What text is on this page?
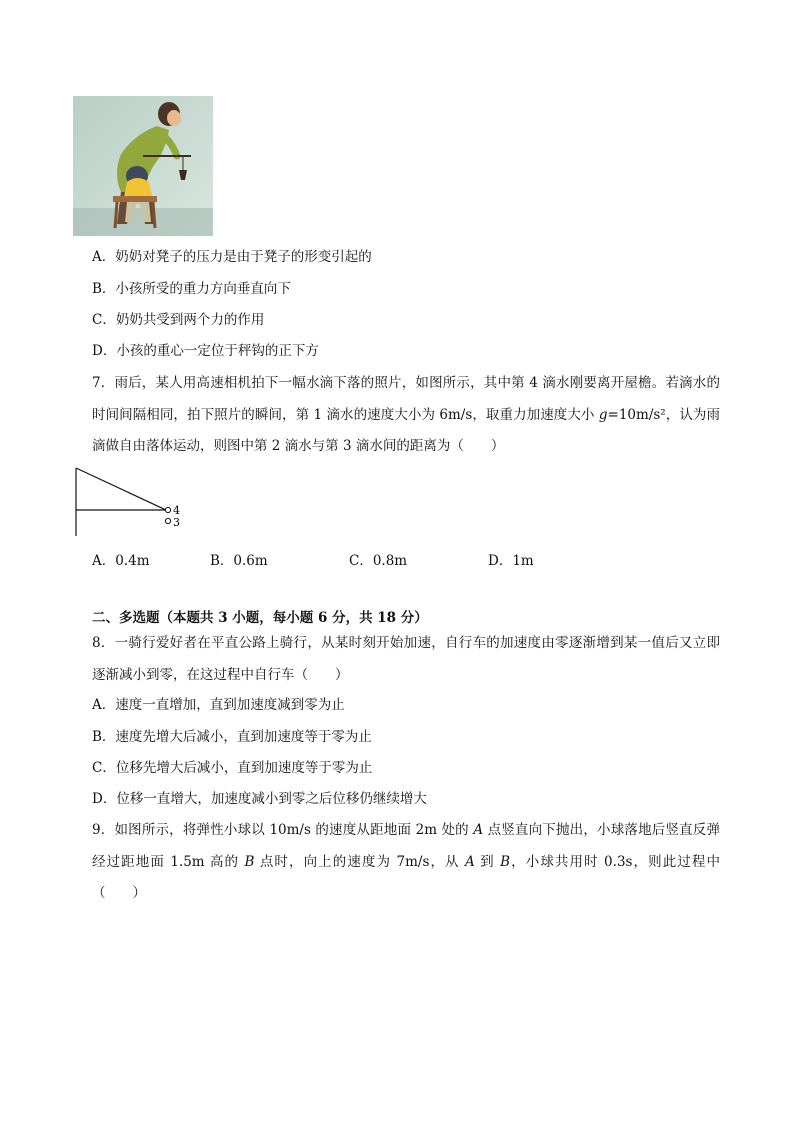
A．奶奶对凳子的压力是由于凳子的形变引起的
B．小孩所受的重力方向垂直向下
C．奶奶共受到两个力的作用
D．小孩的重心一定位于秤钩的正下方
7．雨后，某人用高速相机拍下一幅水滴下落的照片，如图所示，其中第 4 滴水刚要离开屋檐。若滴水的时间间隔相同，拍下照片的瞬间，第 1 滴水的速度大小为 6m/s，取重力加速度大小 g=10m/s²，认为雨滴做自由落体运动，则图中第 2 滴水与第 3 滴水间的距离为（　　）
4
3
A．0.4m	B．0.6m	C．0.8m	D．1m
二、多选题（本题共 3 小题，每小题 6 分，共 18 分）
8．一骑行爱好者在平直公路上骑行，从某时刻开始加速，自行车的加速度由零逐渐增到某一值后又立即逐渐减小到零，在这过程中自行车（　　）
A．速度一直增加，直到加速度减到零为止
B．速度先增大后减小，直到加速度等于零为止
C．位移先增大后减小，直到加速度等于零为止
D．位移一直增大，加速度减小到零之后位移仍继续增大
9．如图所示，将弹性小球以 10m/s 的速度从距地面 2m 处的 A 点竖直向下抛出，小球落地后竖直反弹经过距地面 1.5m 高的 B 点时，向上的速度为 7m/s，从 A 到 B，小球共用时 0.3s，则此过程中（　　）
